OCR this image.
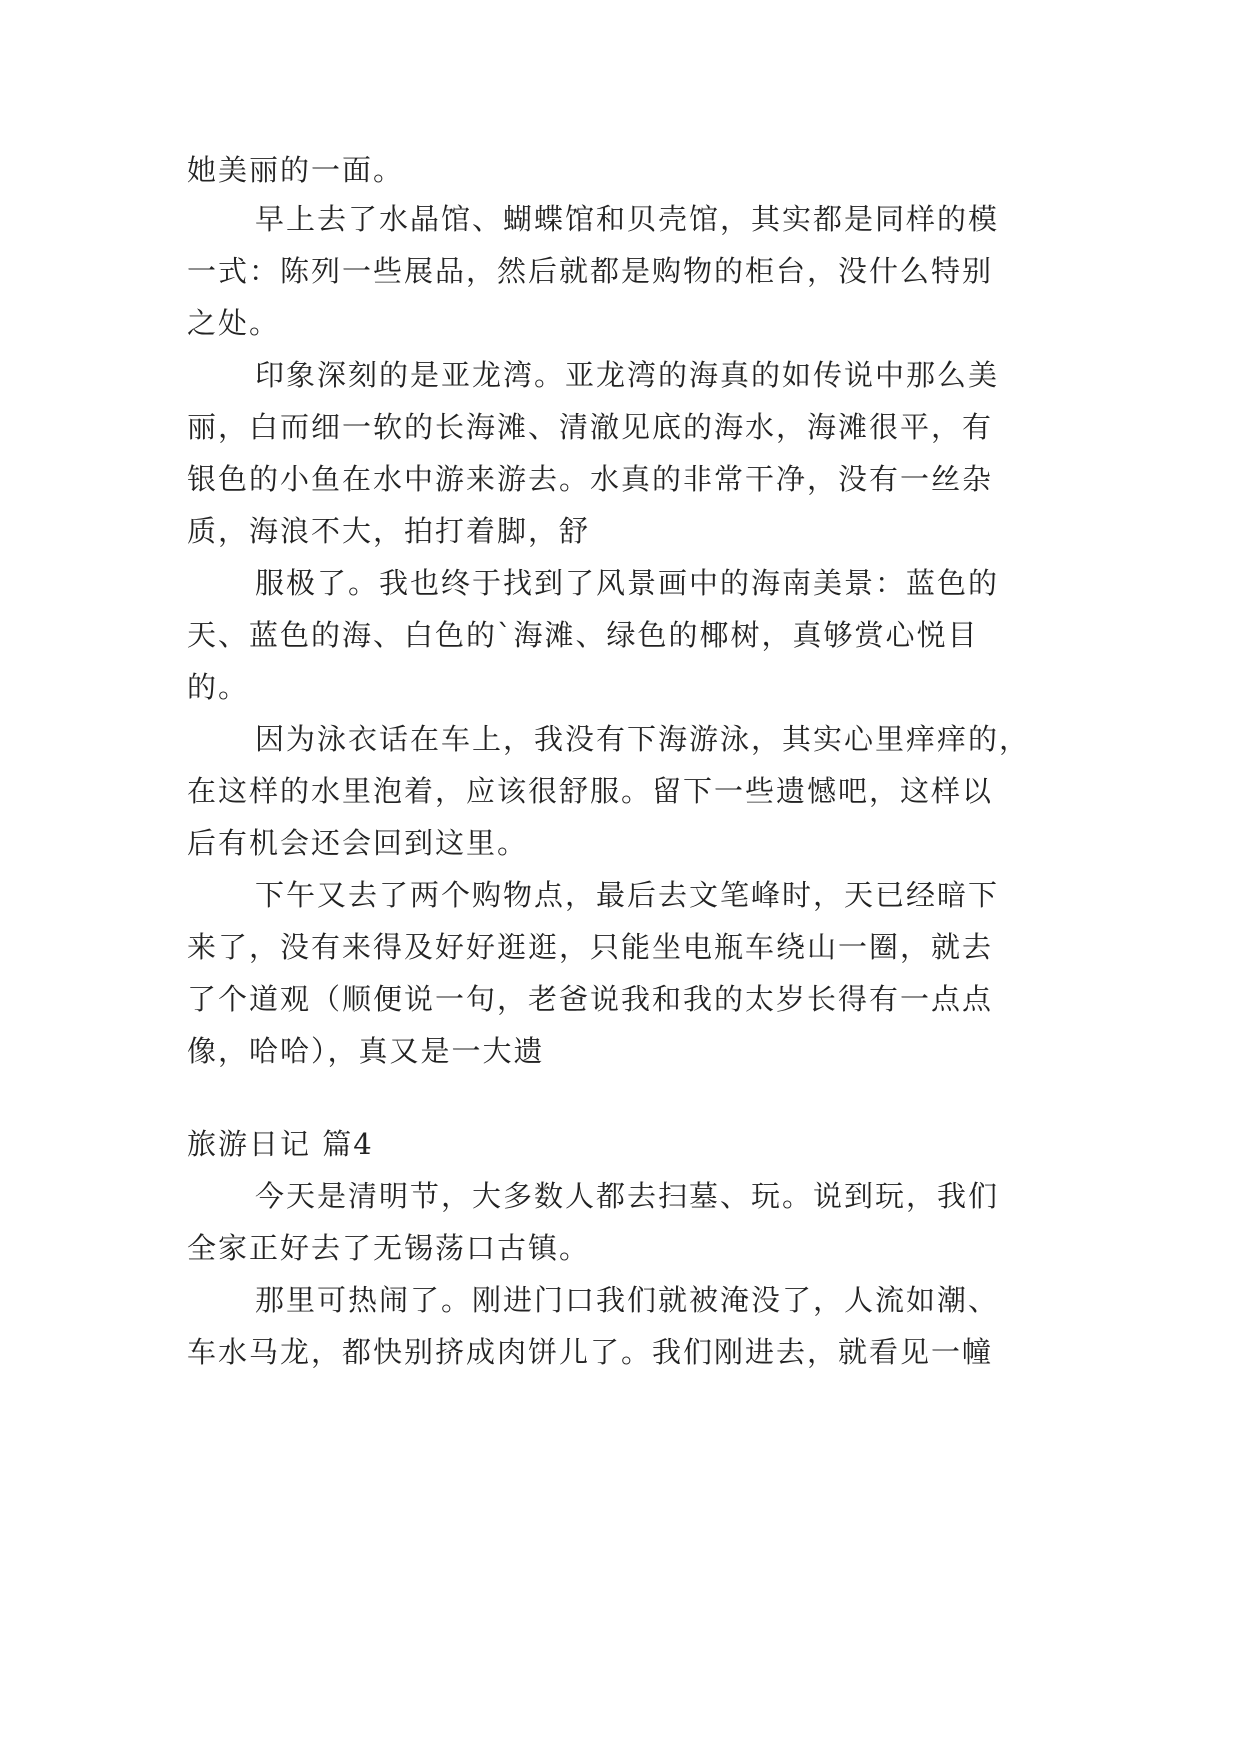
她美丽的一面。
早上去了水晶馆、蝴蝶馆和贝壳馆，其实都是同样的模
一式：陈列一些展品，然后就都是购物的柜台，没什么特别
之处。
印象深刻的是亚龙湾。亚龙湾的海真的如传说中那么美
丽，白而细一软的长海滩、清澈见底的海水，海滩很平，有
银色的小鱼在水中游来游去。水真的非常干净，没有一丝杂
质，海浪不大，拍打着脚，舒
服极了。我也终于找到了风景画中的海南美景：蓝色的
天、蓝色的海、白色的`海滩、绿色的椰树，真够赏心悦目
的。
因为泳衣话在车上，我没有下海游泳，其实心里痒痒的，
在这样的水里泡着，应该很舒服。留下一些遗憾吧，这样以
后有机会还会回到这里。
下午又去了两个购物点，最后去文笔峰时，天已经暗下
来了，没有来得及好好逛逛，只能坐电瓶车绕山一圈，就去
了个道观（顺便说一句，老爸说我和我的太岁长得有一点点
像，哈哈），真又是一大遗
旅游日记 篇4
今天是清明节，大多数人都去扫墓、玩。说到玩，我们
全家正好去了无锡荡口古镇。
那里可热闹了。刚进门口我们就被淹没了，人流如潮、
车水马龙，都快别挤成肉饼儿了。我们刚进去，就看见一幢
